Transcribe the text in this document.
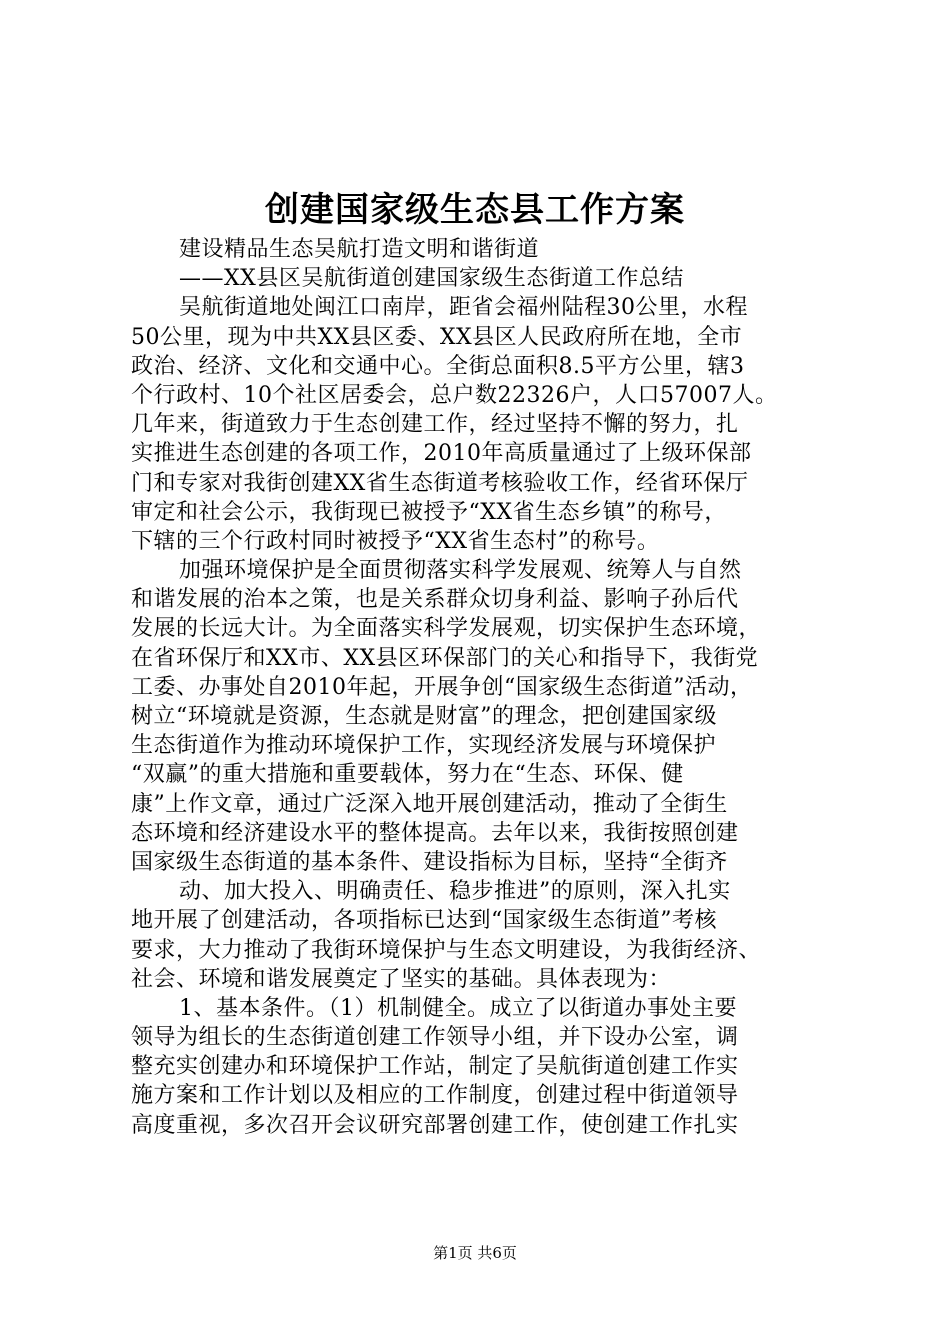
创建国家级生态县工作方案
建设精品生态吴航打造文明和谐街道
——XX县区吴航街道创建国家级生态街道工作总结
吴航街道地处闽江口南岸，距省会福州陆程30公里，水程
50公里，现为中共XX县区委、XX县区人民政府所在地，全市
政治、经济、文化和交通中心。全街总面积8.5平方公里，辖3
个行政村、10个社区居委会，总户数22326户，人口57007人。
几年来，街道致力于生态创建工作，经过坚持不懈的努力，扎
实推进生态创建的各项工作，2010年高质量通过了上级环保部
门和专家对我街创建XX省生态街道考核验收工作，经省环保厅
审定和社会公示，我街现已被授予“XX省生态乡镇”的称号，
下辖的三个行政村同时被授予“XX省生态村”的称号。
加强环境保护是全面贯彻落实科学发展观、统筹人与自然
和谐发展的治本之策，也是关系群众切身利益、影响子孙后代
发展的长远大计。为全面落实科学发展观，切实保护生态环境，
在省环保厅和XX市、XX县区环保部门的关心和指导下，我街党
工委、办事处自2010年起，开展争创“国家级生态街道”活动，
树立“环境就是资源，生态就是财富”的理念，把创建国家级
生态街道作为推动环境保护工作，实现经济发展与环境保护
“双赢”的重大措施和重要载体，努力在“生态、环保、健
康”上作文章，通过广泛深入地开展创建活动，推动了全街生
态环境和经济建设水平的整体提高。去年以来，我街按照创建
国家级生态街道的基本条件、建设指标为目标，坚持“全街齐
动、加大投入、明确责任、稳步推进”的原则，深入扎实
地开展了创建活动，各项指标已达到“国家级生态街道”考核
要求，大力推动了我街环境保护与生态文明建设，为我街经济、
社会、环境和谐发展奠定了坚实的基础。具体表现为：
1、基本条件。（1）机制健全。成立了以街道办事处主要
领导为组长的生态街道创建工作领导小组，并下设办公室，调
整充实创建办和环境保护工作站，制定了吴航街道创建工作实
施方案和工作计划以及相应的工作制度，创建过程中街道领导
高度重视，多次召开会议研究部署创建工作，使创建工作扎实
第1页 共6页
